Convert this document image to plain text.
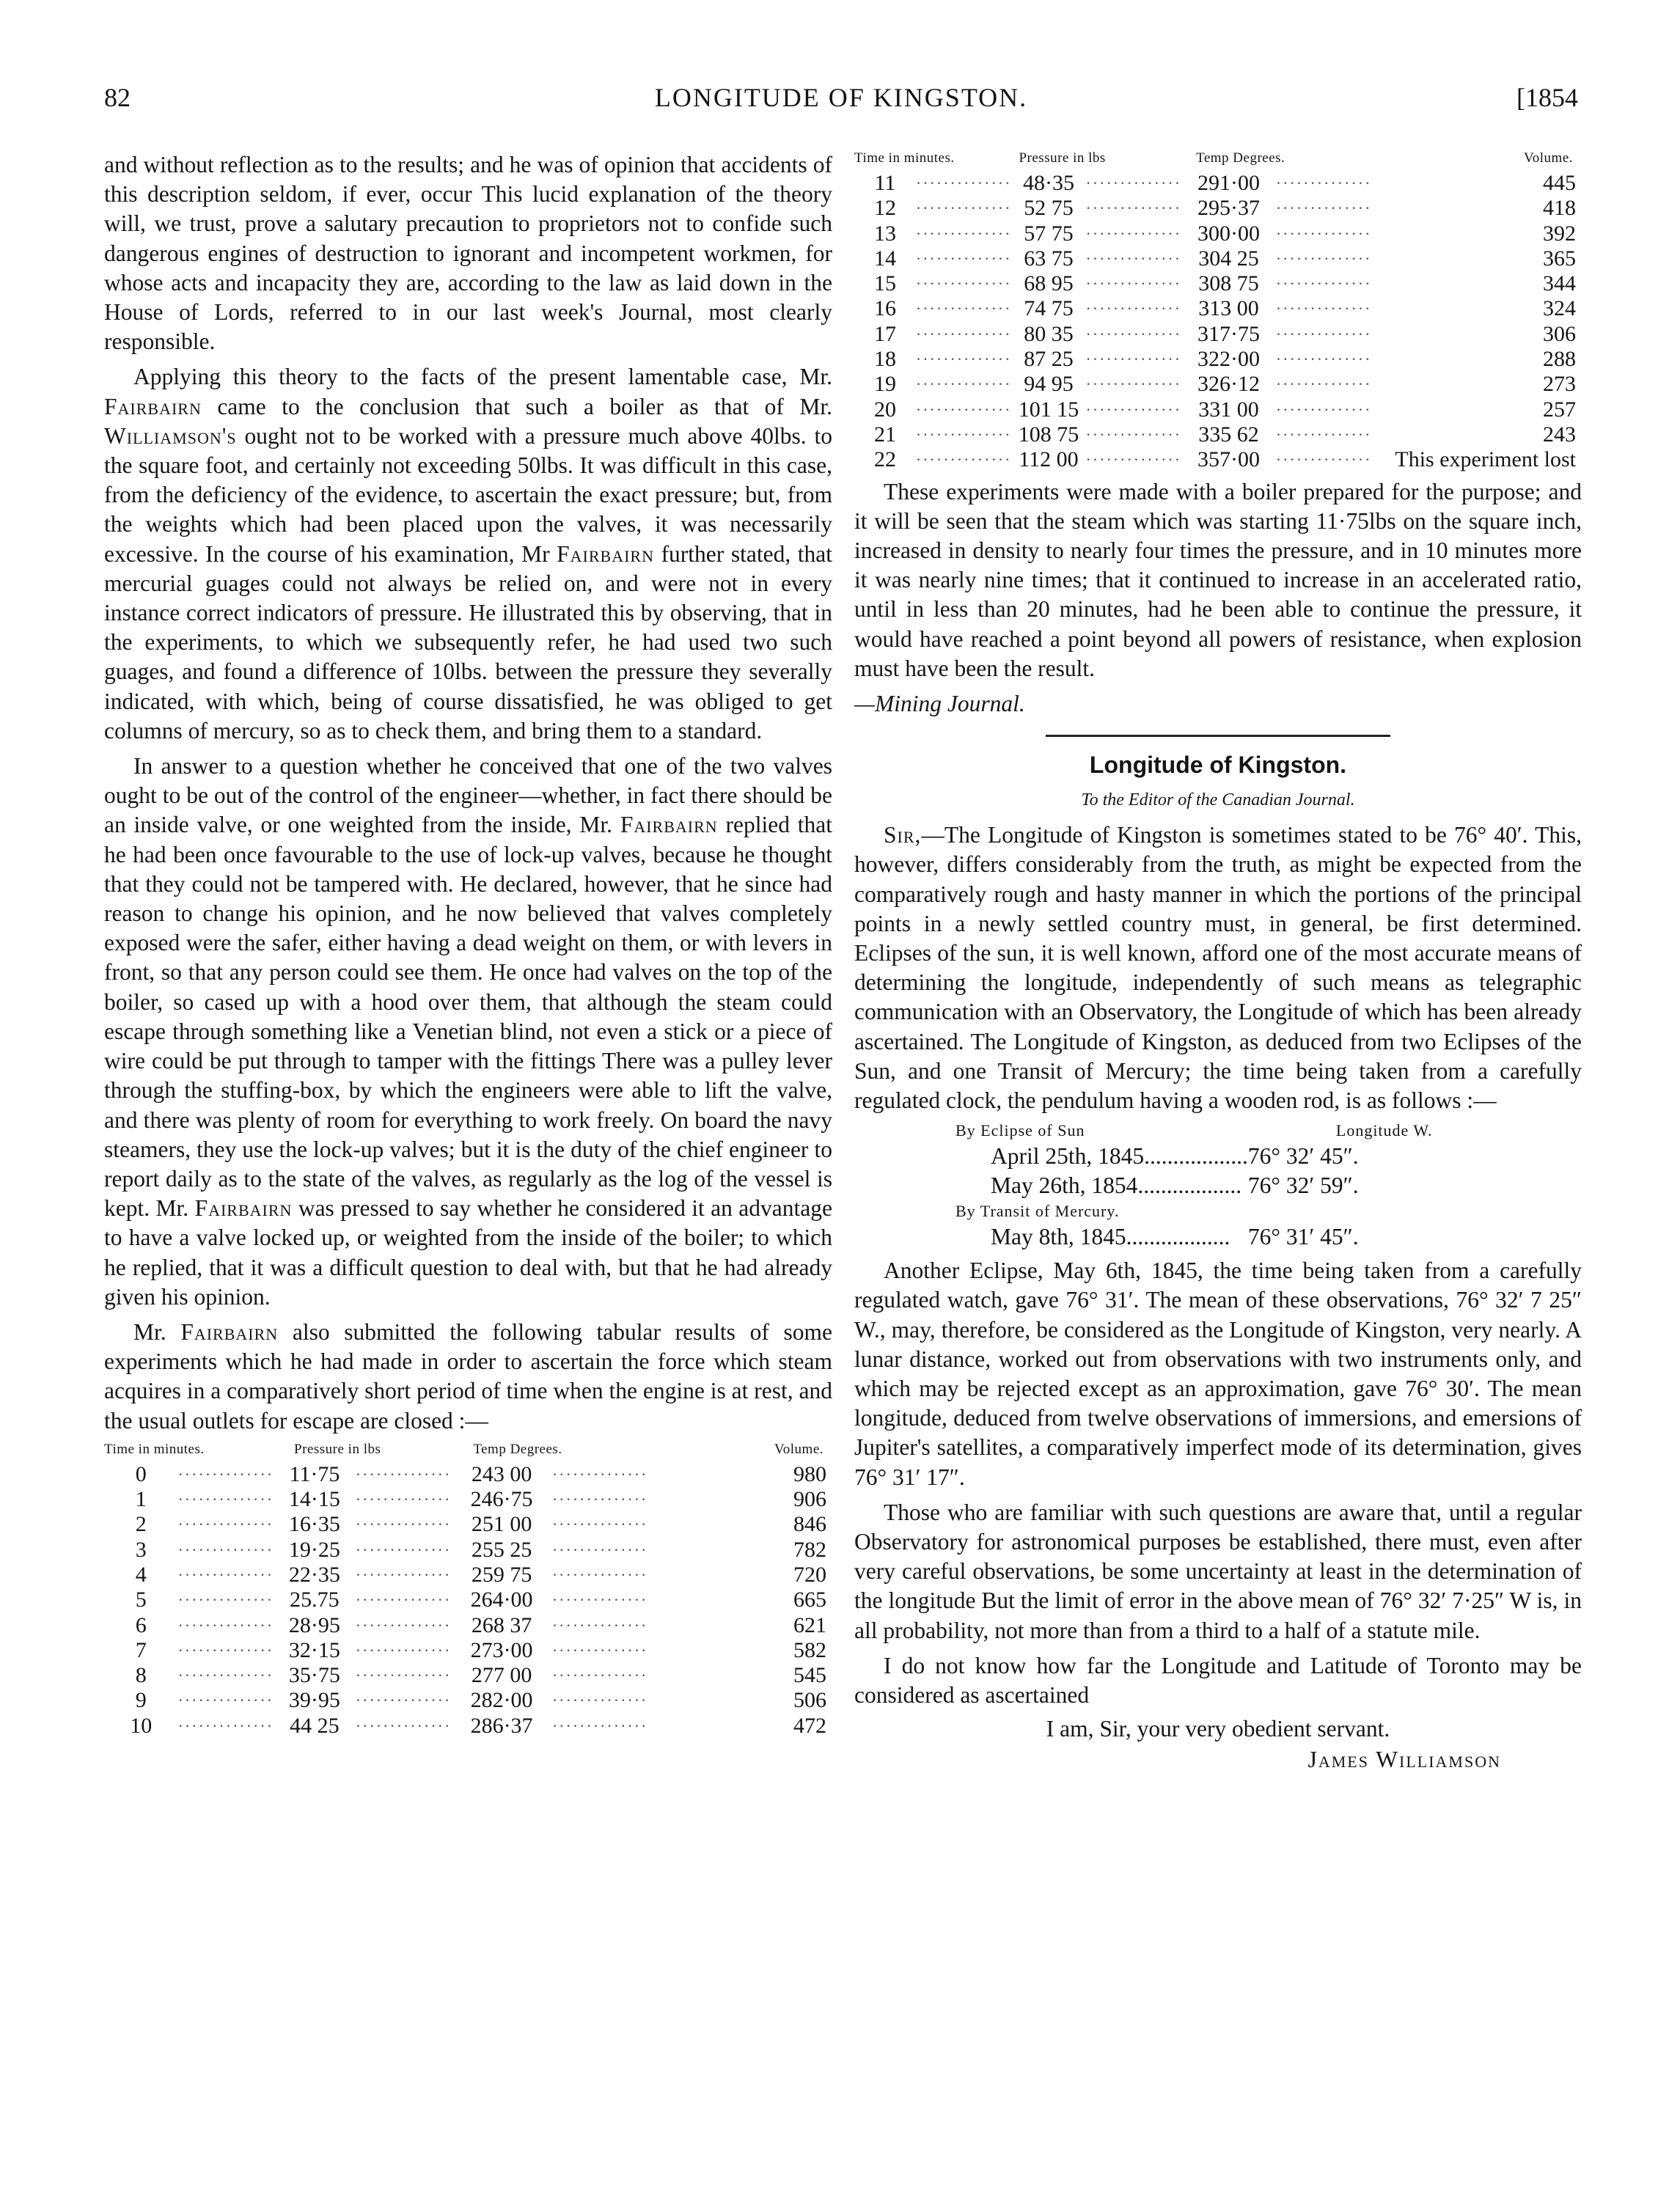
82	LONGITUDE OF KINGSTON.	[1854

and without reflection as to the results; and he was of opinion that accidents of this description seldom, if ever, occur This lucid explanation of the theory will, we trust, prove a salutary precaution to proprietors not to confide such dangerous engines of destruction to ignorant and incompetent workmen, for whose acts and incapacity they are, according to the law as laid down in the House of Lords, referred to in our last week's Journal, most clearly responsible.

Applying this theory to the facts of the present lamentable case, Mr. Fairbairn came to the conclusion that such a boiler as that of Mr. Williamson's ought not to be worked with a pressure much above 40lbs. to the square foot, and certainly not exceeding 50lbs. It was difficult in this case, from the deficiency of the evidence, to ascertain the exact pressure; but, from the weights which had been placed upon the valves, it was necessarily excessive. In the course of his examination, Mr Fairbairn further stated, that mercurial guages could not always be relied on, and were not in every instance correct indicators of pressure. He illustrated this by observing, that in the experiments, to which we subsequently refer, he had used two such guages, and found a difference of 10lbs. between the pressure they severally indicated, with which, being of course dissatisfied, he was obliged to get columns of mercury, so as to check them, and bring them to a standard.

In answer to a question whether he conceived that one of the two valves ought to be out of the control of the engineer—whether, in fact there should be an inside valve, or one weighted from the inside, Mr. Fairbairn replied that he had been once favourable to the use of lock-up valves, because he thought that they could not be tampered with. He declared, however, that he since had reason to change his opinion, and he now believed that valves completely exposed were the safer, either having a dead weight on them, or with levers in front, so that any person could see them. He once had valves on the top of the boiler, so cased up with a hood over them, that although the steam could escape through something like a Venetian blind, not even a stick or a piece of wire could be put through to tamper with the fittings There was a pulley lever through the stuffing-box, by which the engineers were able to lift the valve, and there was plenty of room for everything to work freely. On board the navy steamers, they use the lock-up valves; but it is the duty of the chief engineer to report daily as to the state of the valves, as regularly as the log of the vessel is kept. Mr. Fairbairn was pressed to say whether he considered it an advantage to have a valve locked up, or weighted from the inside of the boiler; to which he replied, that it was a difficult question to deal with, but that he had already given his opinion.

Mr. Fairbairn also submitted the following tabular results of some experiments which he had made in order to ascertain the force which steam acquires in a comparatively short period of time when the engine is at rest, and the usual outlets for escape are closed :—

Time in minutes.		Pressure in lbs		Temp Degrees.		Volume.
0	··············	11·75	··············	243 00	··············	980
1	··············	14·15	··············	246·75	··············	906
2	··············	16·35	··············	251 00	··············	846
3	··············	19·25	··············	255 25	··············	782
4	··············	22·35	··············	259 75	··············	720
5	··············	25.75	··············	264·00	··············	665
6	··············	28·95	··············	268 37	··············	621
7	··············	32·15	··············	273·00	··············	582
8	··············	35·75	··············	277 00	··············	545
9	··············	39·95	··············	282·00	··············	506
10	··············	44 25	··············	286·37	··············	472
Time in minutes.		Pressure in lbs		Temp Degrees.		Volume.
11	··············	48·35	··············	291·00	··············	445
12	··············	52 75	··············	295·37	··············	418
13	··············	57 75	··············	300·00	··············	392
14	··············	63 75	··············	304 25	··············	365
15	··············	68 95	··············	308 75	··············	344
16	··············	74 75	··············	313 00	··············	324
17	··············	80 35	··············	317·75	··············	306
18	··············	87 25	··············	322·00	··············	288
19	··············	94 95	··············	326·12	··············	273
20	··············	101 15	··············	331 00	··············	257
21	··············	108 75	··············	335 62	··············	243
22	··············	112 00	··············	357·00	··············	This experiment lost

These experiments were made with a boiler prepared for the purpose; and it will be seen that the steam which was starting 11·75lbs on the square inch, increased in density to nearly four times the pressure, and in 10 minutes more it was nearly nine times; that it continued to increase in an accelerated ratio, until in less than 20 minutes, had he been able to continue the pressure, it would have reached a point beyond all powers of resistance, when explosion must have been the result.

—Mining Journal.

Longitude of Kingston.
To the Editor of the Canadian Journal.

Sir,—The Longitude of Kingston is sometimes stated to be 76° 40′. This, however, differs considerably from the truth, as might be expected from the comparatively rough and hasty manner in which the portions of the principal points in a newly settled country must, in general, be first determined. Eclipses of the sun, it is well known, afford one of the most accurate means of determining the longitude, independently of such means as telegraphic communication with an Observatory, the Longitude of which has been already ascertained. The Longitude of Kingston, as deduced from two Eclipses of the Sun, and one Transit of Mercury; the time being taken from a carefully regulated clock, the pendulum having a wooden rod, is as follows :—

By Eclipse of Sun	Longitude W.
April 25th, 1845..................	76° 32′ 45″.
May 26th, 1854..................	76° 32′ 59″.
By Transit of Mercury.	
May 8th, 1845..................	76° 31′ 45″.

Another Eclipse, May 6th, 1845, the time being taken from a carefully regulated watch, gave 76° 31′. The mean of these observations, 76° 32′ 7 25″ W., may, therefore, be considered as the Longitude of Kingston, very nearly. A lunar distance, worked out from observations with two instruments only, and which may be rejected except as an approximation, gave 76° 30′. The mean longitude, deduced from twelve observations of immersions, and emersions of Jupiter's satellites, a comparatively imperfect mode of its determination, gives 76° 31′ 17″.

Those who are familiar with such questions are aware that, until a regular Observatory for astronomical purposes be established, there must, even after very careful observations, be some uncertainty at least in the determination of the longitude But the limit of error in the above mean of 76° 32′ 7·25″ W is, in all probability, not more than from a third to a half of a statute mile.

I do not know how far the Longitude and Latitude of Toronto may be considered as ascertained

I am, Sir, your very obedient servant.
James Williamson
